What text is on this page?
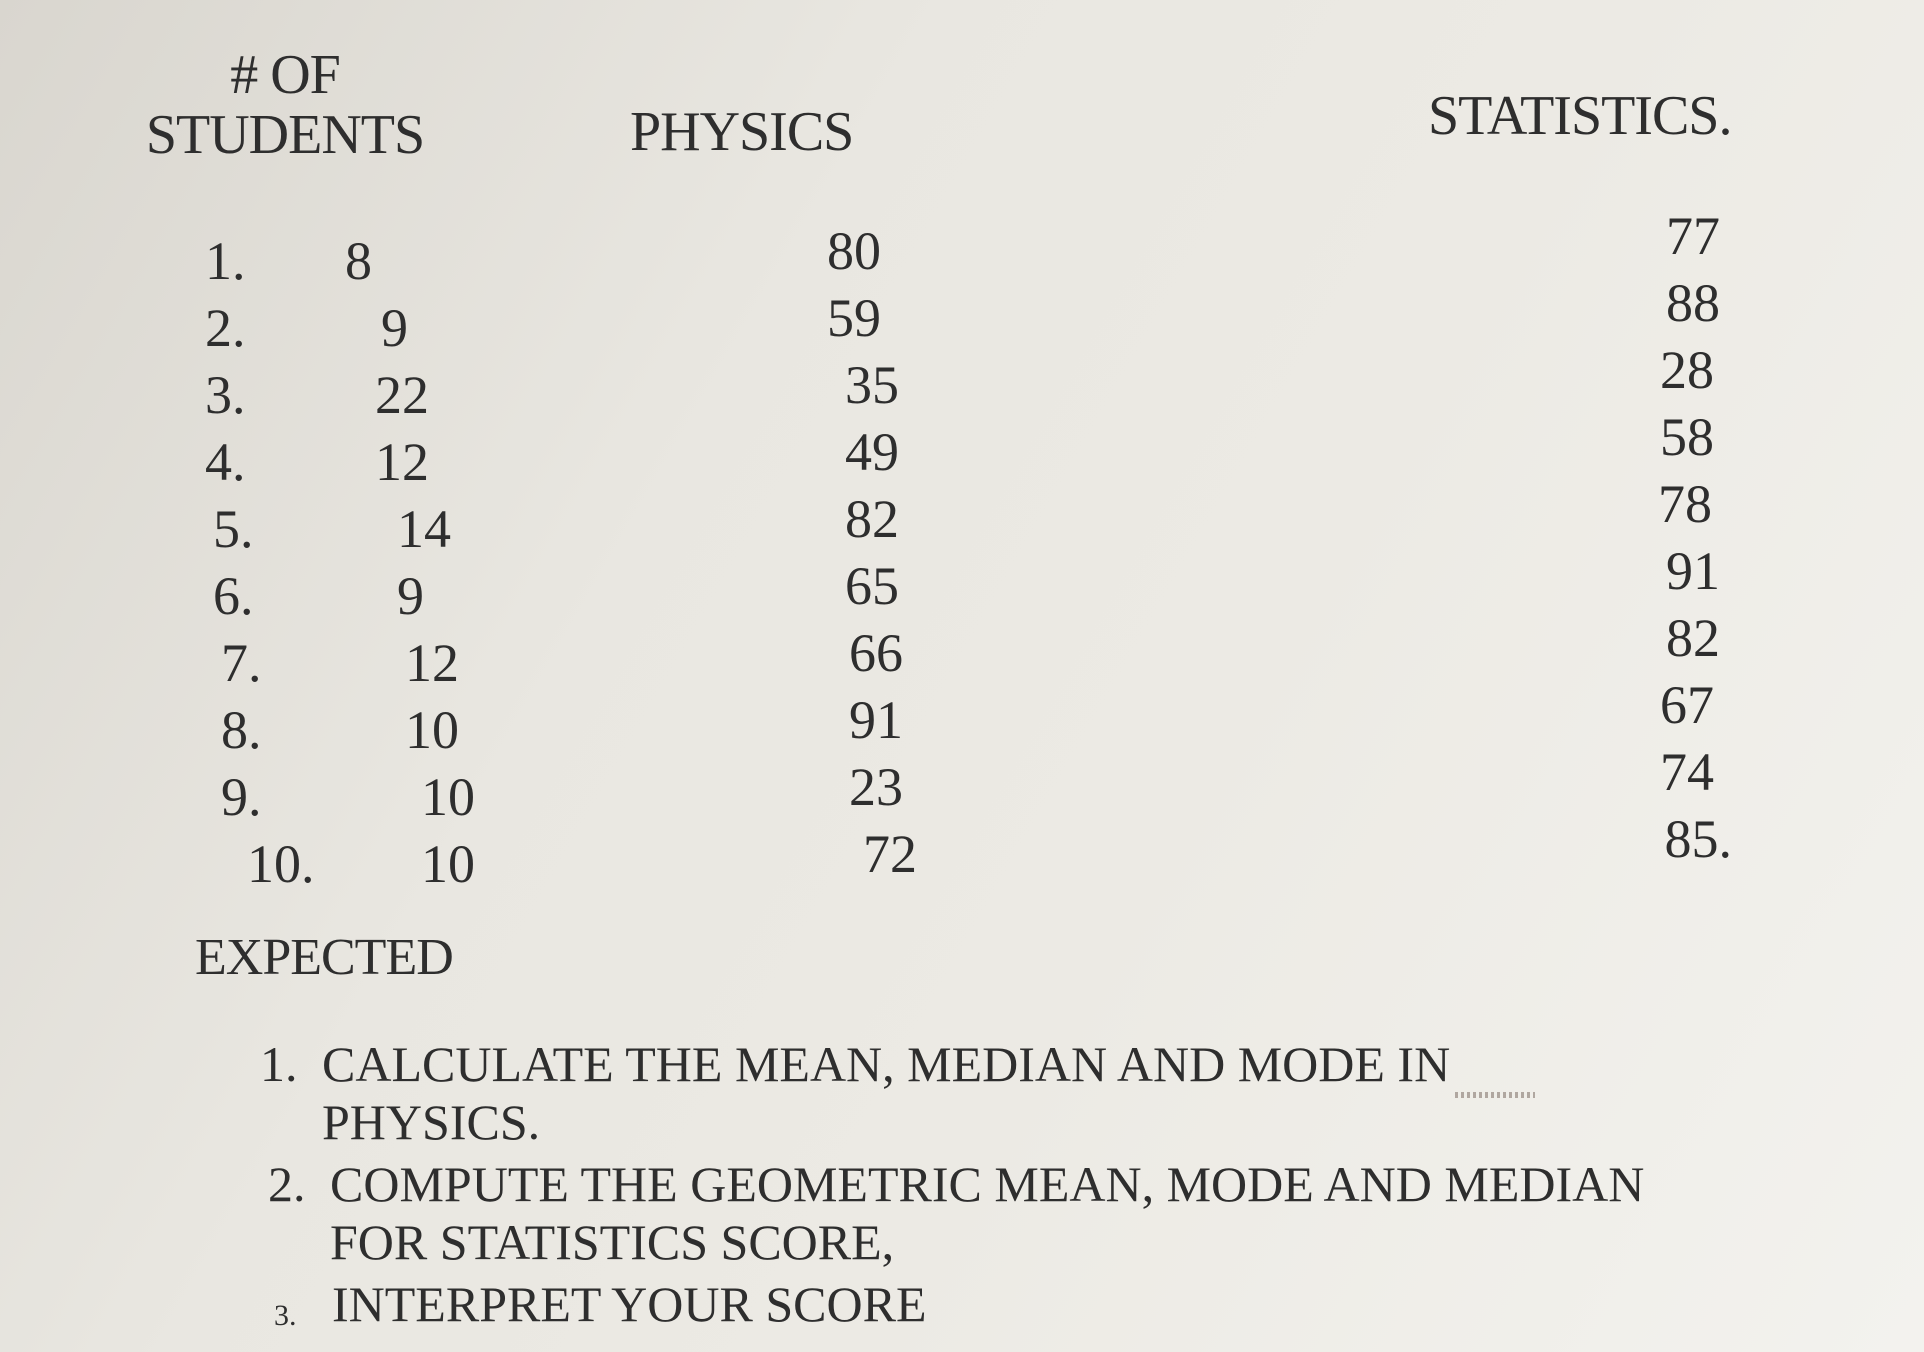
# OF
STUDENTS	PHYSICS	STATISTICS.
1.
2.
3.
4.
5.
6.
7.
8.
9.
10.
8
9
22
12
14
9
12
10
10
10
80
59
35
49
82
65
66
91
23
72
77
88
28
58
78
91
82
67
74
85.
EXPECTED
1. CALCULATE THE MEAN, MEDIAN AND MODE IN
PHYSICS.
2. COMPUTE THE GEOMETRIC MEAN, MODE AND MEDIAN
FOR STATISTICS SCORE,
3. INTERPRET YOUR SCORE
